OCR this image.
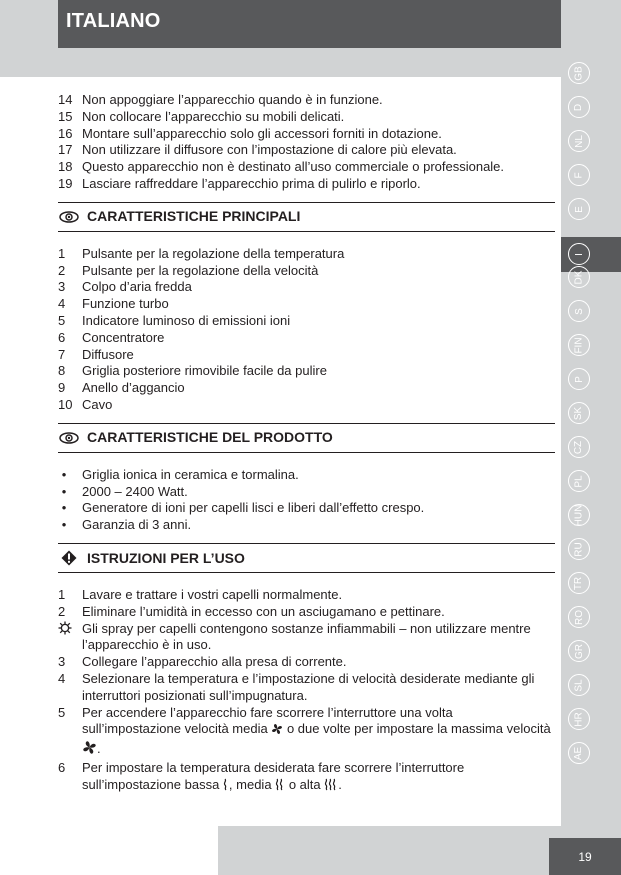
ITALIANO
GB
D
NL
F
E
I
DK
S
FIN
P
SK
CZ
PL
HUN
RU
TR
RO
GR
SL
HR
AE
19
14 Non appoggiare l’apparecchio quando è in funzione.
15 Non collocare l’apparecchio su mobili delicati.
16 Montare sull’apparecchio solo gli accessori forniti in dotazione.
17 Non utilizzare il diffusore con l’impostazione di calore più elevata.
18 Questo apparecchio non è destinato all’uso commerciale o professionale.
19 Lasciare raffreddare l’apparecchio prima di pulirlo e riporlo.
CARATTERISTICHE PRINCIPALI
1	Pulsante per la regolazione della temperatura
2	Pulsante per la regolazione della velocità
3	Colpo d’aria fredda
4	Funzione turbo
5	Indicatore luminoso di emissioni ioni
6	Concentratore
7	Diffusore
8	Griglia posteriore rimovibile facile da pulire
9	Anello d’aggancio
10 Cavo
CARATTERISTICHE DEL PRODOTTO
• Griglia ionica in ceramica e tormalina.
• 2000 – 2400 Watt.
• Generatore di ioni per capelli lisci e liberi dall’effetto crespo.
• Garanzia di 3 anni.
ISTRUZIONI PER L’USO
1	Lavare e trattare i vostri capelli normalmente.
2	Eliminare l’umidità in eccesso con un asciugamano e pettinare.
Gli spray per capelli contengono sostanze infiammabili – non utilizzare mentre l’apparecchio è in uso.
3	Collegare l’apparecchio alla presa di corrente.
4	Selezionare la temperatura e l’impostazione di velocità desiderate mediante gli interruttori posizionati sull’impugnatura.
5	Per accendere l’apparecchio fare scorrere l’interruttore una volta sull’impostazione velocità media o due volte per impostare la massima velocità .
6	Per impostare la temperatura desiderata fare scorrere l’interruttore sull’impostazione bassa , media o alta .
